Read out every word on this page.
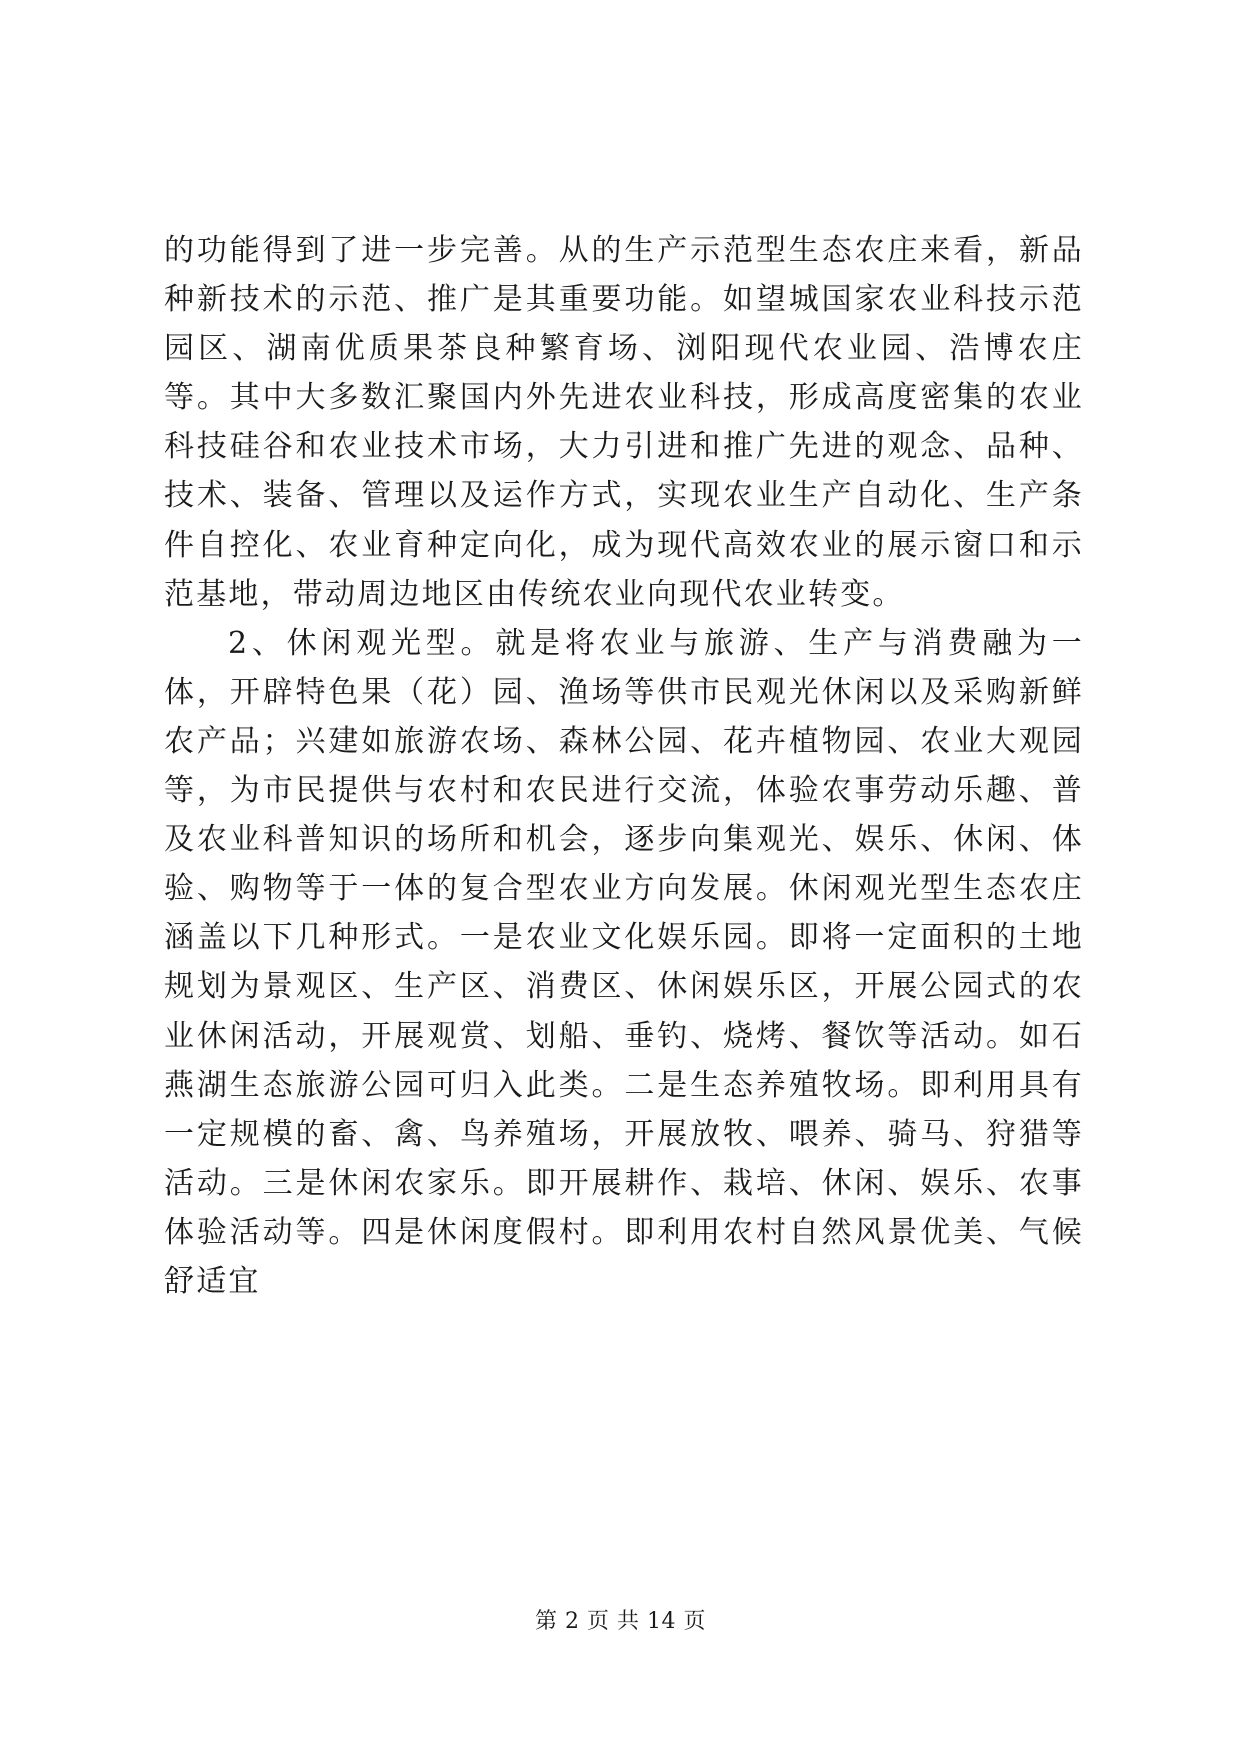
的功能得到了进一步完善。从的生产示范型生态农庄来看，新品种新技术的示范、推广是其重要功能。如望城国家农业科技示范园区、湖南优质果茶良种繁育场、浏阳现代农业园、浩博农庄等。其中大多数汇聚国内外先进农业科技，形成高度密集的农业科技硅谷和农业技术市场，大力引进和推广先进的观念、品种、技术、装备、管理以及运作方式，实现农业生产自动化、生产条件自控化、农业育种定向化，成为现代高效农业的展示窗口和示范基地，带动周边地区由传统农业向现代农业转变。

2、休闲观光型。就是将农业与旅游、生产与消费融为一体，开辟特色果（花）园、渔场等供市民观光休闲以及采购新鲜农产品；兴建如旅游农场、森林公园、花卉植物园、农业大观园等，为市民提供与农村和农民进行交流，体验农事劳动乐趣、普及农业科普知识的场所和机会，逐步向集观光、娱乐、休闲、体验、购物等于一体的复合型农业方向发展。休闲观光型生态农庄涵盖以下几种形式。一是农业文化娱乐园。即将一定面积的土地规划为景观区、生产区、消费区、休闲娱乐区，开展公园式的农业休闲活动，开展观赏、划船、垂钓、烧烤、餐饮等活动。如石燕湖生态旅游公园可归入此类。二是生态养殖牧场。即利用具有一定规模的畜、禽、鸟养殖场，开展放牧、喂养、骑马、狩猎等活动。三是休闲农家乐。即开展耕作、栽培、休闲、娱乐、农事体验活动等。四是休闲度假村。即利用农村自然风景优美、气候舒适宜

第 2 页 共 14 页
